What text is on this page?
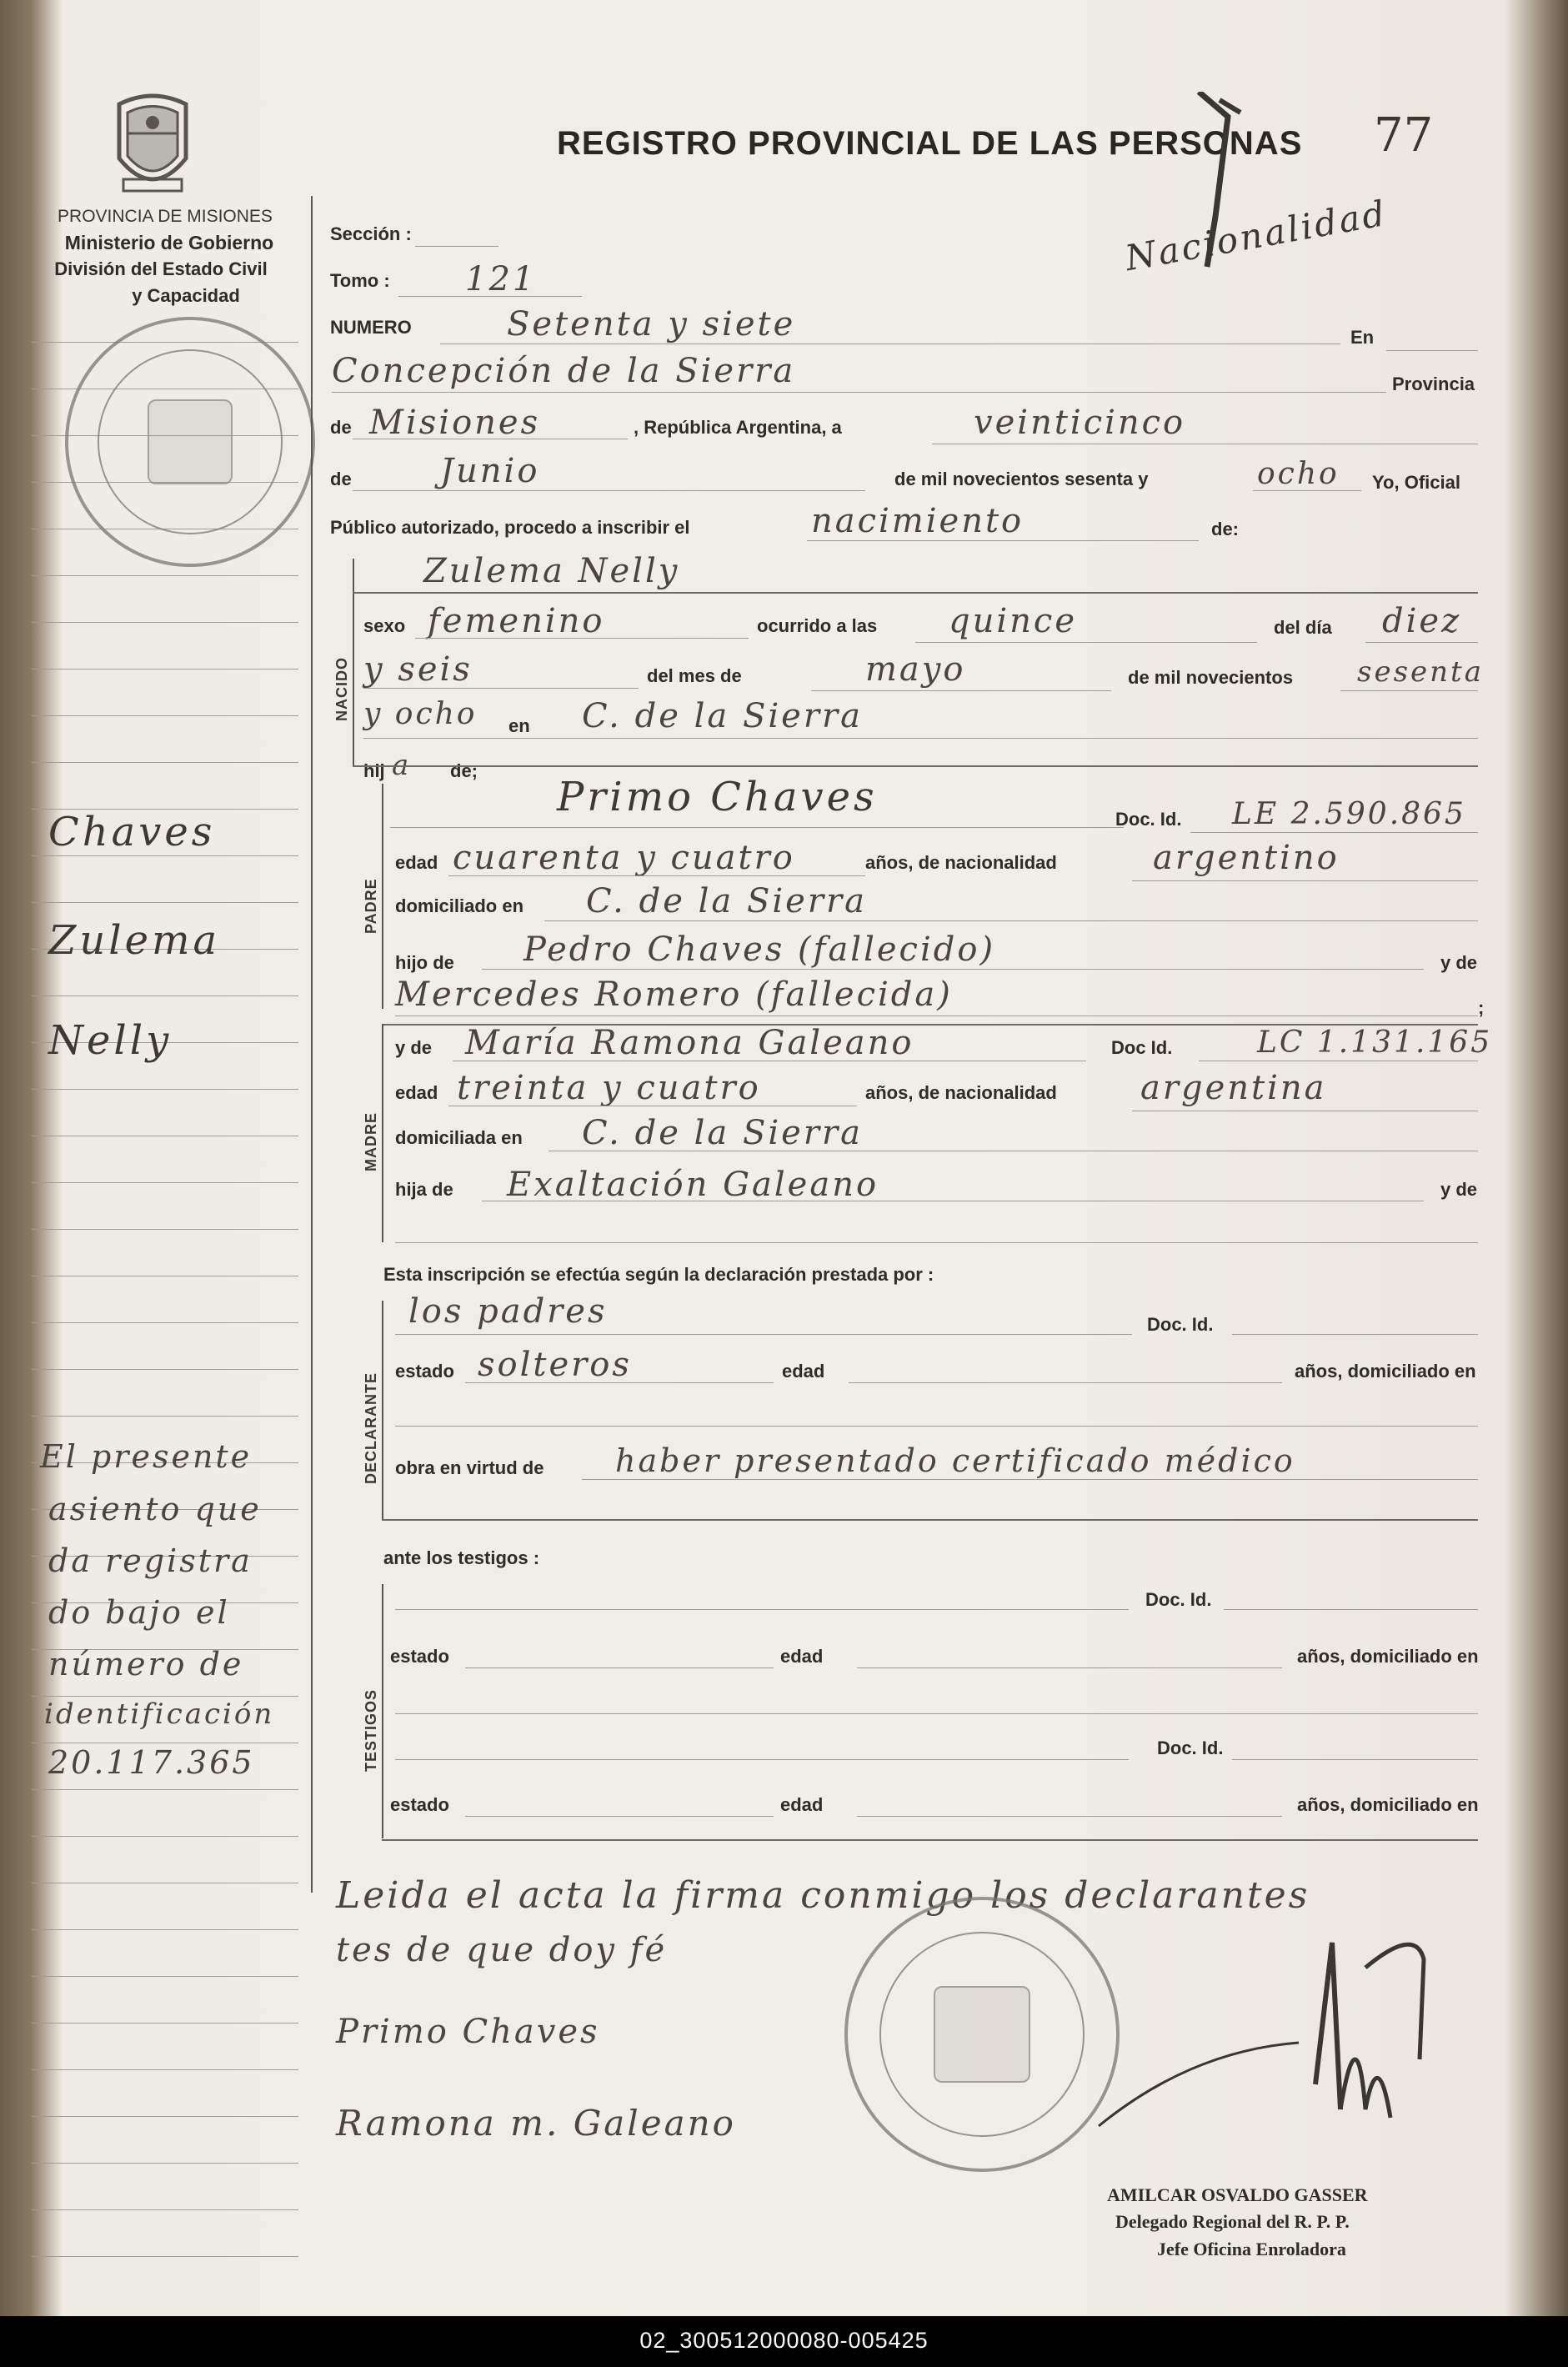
PROVINCIA DE MISIONES
Ministerio de Gobierno
División del Estado Civil
y Capacidad
REGISTRO PROVINCIAL DE LAS PERSONAS 77
Nacionalidad
Chaves
Zulema
Nelly
El presente
asiento que
da registra
do bajo el
número de
identificación
20.117.365
Sección :
Tomo : 121
NUMERO	Setenta y siete	En
Concepción de la Sierra	Provincia
de Misiones	, República Argentina, a	veinticinco
de	Junio	de mil novecientos sesenta y	ocho Yo, Oficial
Público autorizado, procedo a inscribir el	nacimiento	de:
NACIDO
Zulema Nelly
sexo femenino	ocurrido a las quince	del día diez
y seis	del mes de	mayo	de mil novecientos sesenta
y ocho en C. de la Sierra
hij a de;
PADRE
Primo Chaves	Doc. Id. LE 2.590.865
edad cuarenta y cuatro	años, de nacionalidad	argentino
domiciliado en C. de la Sierra
hijo de Pedro Chaves (fallecido)	y de
Mercedes Romero (fallecida)	;
MADRE
y de María Ramona Galeano	Doc Id.	LC 1.131.165
edad treinta y cuatro	años, de nacionalidad	argentina
domiciliada en C. de la Sierra
hija de Exaltación Galeano	y de
Esta inscripción se efectúa según la declaración prestada por :
DECLARANTE
los padres	Doc. Id.
estado solteros	edad	años, domiciliado en
obra en virtud de haber presentado certificado médico
ante los testigos :
TESTIGOS
Doc. Id.
estado	edad	años, domiciliado en
Doc. Id.
estado	edad	años, domiciliado en
Leida el acta la firma conmigo los declarantes
tes de que doy fé
Primo Chaves
Ramona m. Galeano
AMILCAR OSVALDO GASSER
Delegado Regional del R. P. P.
Jefe Oficina Enroladora
02_300512000080-005425
